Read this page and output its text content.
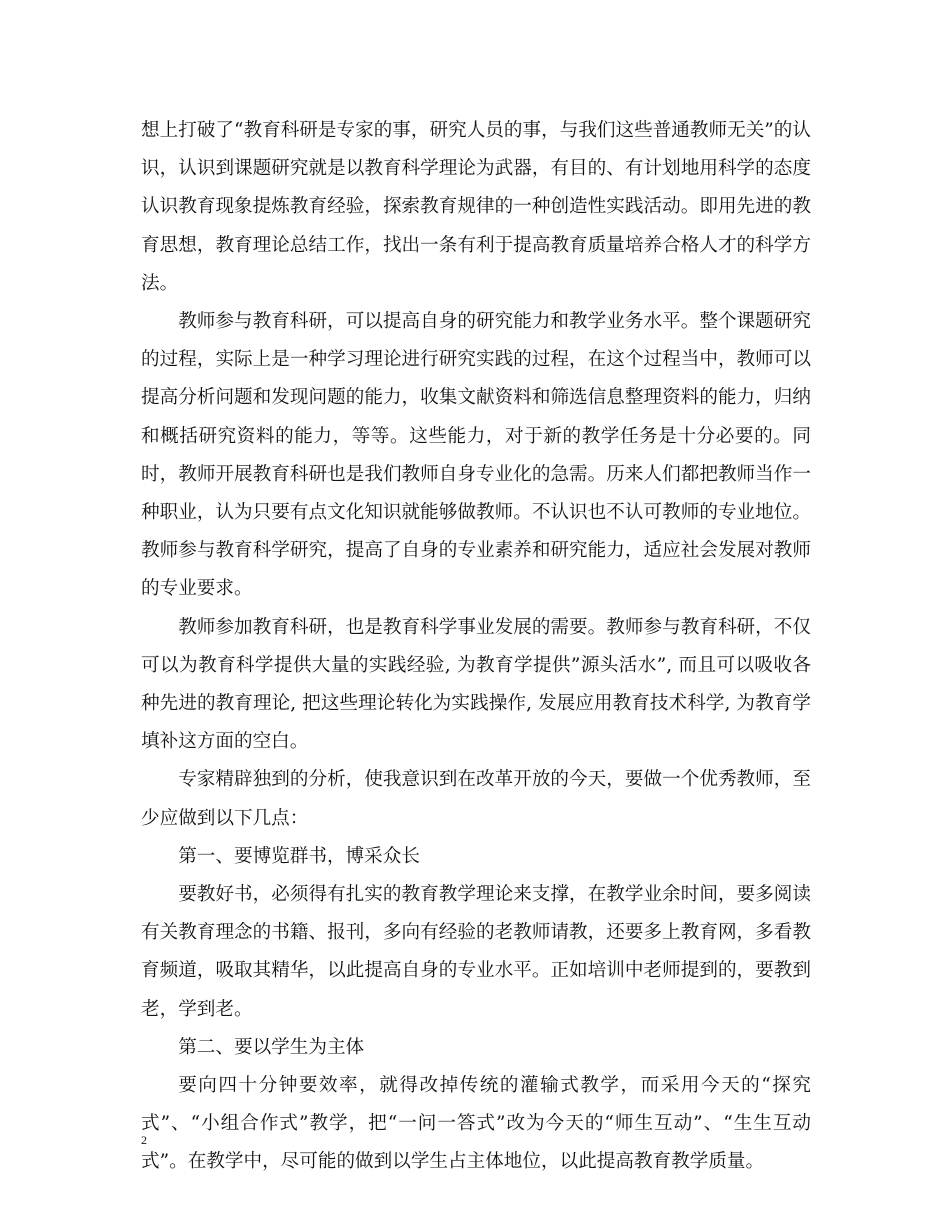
想上打破了“教育科研是专家的事，研究人员的事，与我们这些普通教师无关”的认识，认识到课题研究就是以教育科学理论为武器，有目的、有计划地用科学的态度认识教育现象提炼教育经验，探索教育规律的一种创造性实践活动。即用先进的教育思想，教育理论总结工作，找出一条有利于提高教育质量培养合格人才的科学方法。

教师参与教育科研，可以提高自身的研究能力和教学业务水平。整个课题研究的过程，实际上是一种学习理论进行研究实践的过程，在这个过程当中，教师可以提高分析问题和发现问题的能力，收集文献资料和筛选信息整理资料的能力，归纳和概括研究资料的能力，等等。这些能力，对于新的教学任务是十分必要的。同时，教师开展教育科研也是我们教师自身专业化的急需。历来人们都把教师当作一种职业，认为只要有点文化知识就能够做教师。不认识也不认可教师的专业地位。教师参与教育科学研究，提高了自身的专业素养和研究能力，适应社会发展对教师的专业要求。

教师参加教育科研，也是教育科学事业发展的需要。教师参与教育科研，不仅可以为教育科学提供大量的实践经验, 为教育学提供”源头活水”, 而且可以吸收各种先进的教育理论, 把这些理论转化为实践操作, 发展应用教育技术科学, 为教育学填补这方面的空白。

专家精辟独到的分析，使我意识到在改革开放的今天，要做一个优秀教师，至少应做到以下几点：

第一、要博览群书，博采众长

要教好书，必须得有扎实的教育教学理论来支撑，在教学业余时间，要多阅读有关教育理念的书籍、报刊，多向有经验的老教师请教，还要多上教育网，多看教育频道，吸取其精华，以此提高自身的专业水平。正如培训中老师提到的，要教到老，学到老。

第二、要以学生为主体

要向四十分钟要效率，就得改掉传统的灌输式教学，而采用今天的“探究式”、“小组合作式”教学，把“一问一答式”改为今天的“师生互动”、“生生互动式”。在教学中，尽可能的做到以学生占主体地位，以此提高教育教学质量。

2
